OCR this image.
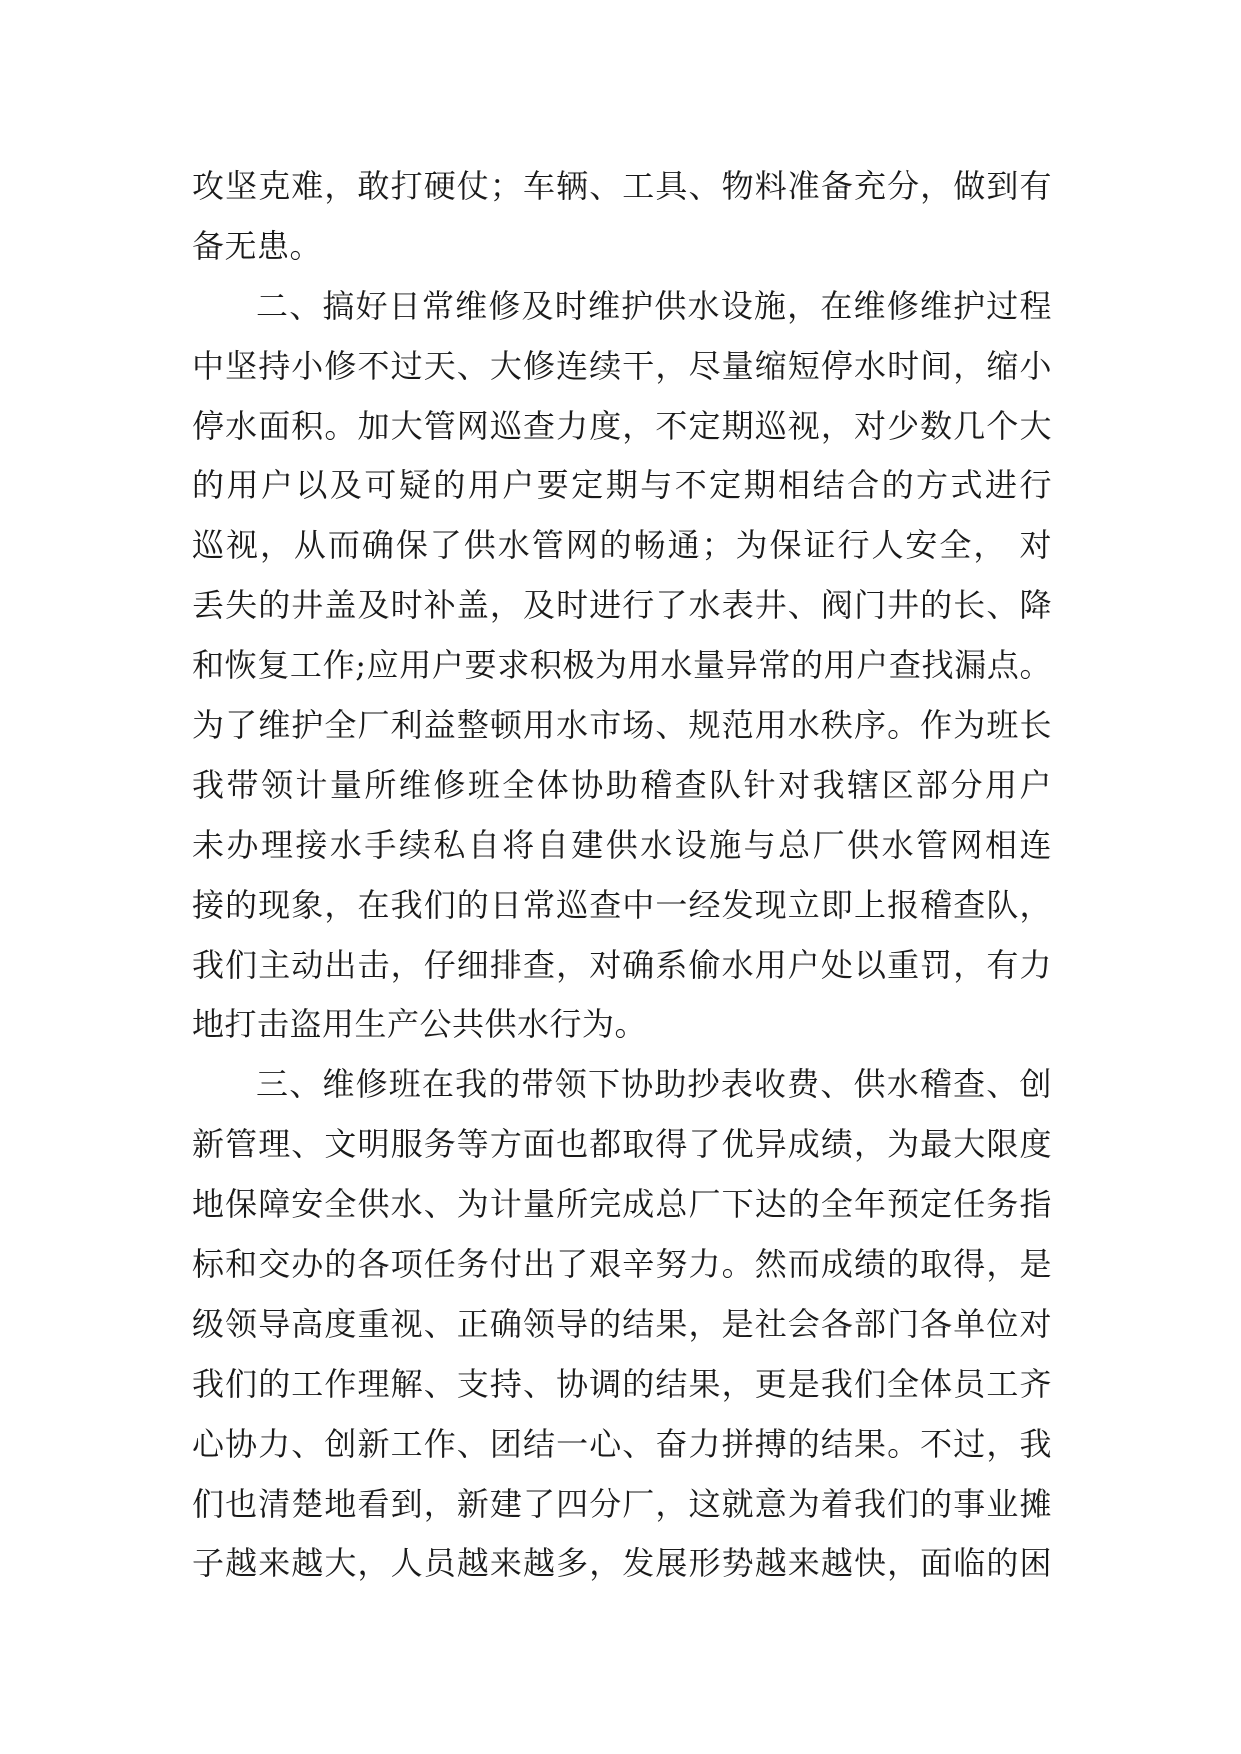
攻坚克难，敢打硬仗；车辆、工具、物料准备充分，做到有
备无患。
二、搞好日常维修及时维护供水设施，在维修维护过程
中坚持小修不过天、大修连续干，尽量缩短停水时间，缩小
停水面积。加大管网巡查力度，不定期巡视，对少数几个大
的用户以及可疑的用户要定期与不定期相结合的方式进行
巡视，从而确保了供水管网的畅通；为保证行人安全， 对
丢失的井盖及时补盖，及时进行了水表井、阀门井的长、降
和恢复工作;应用户要求积极为用水量异常的用户查找漏点。
为了维护全厂利益整顿用水市场、规范用水秩序。作为班长
我带领计量所维修班全体协助稽查队针对我辖区部分用户
未办理接水手续私自将自建供水设施与总厂供水管网相连
接的现象，在我们的日常巡查中一经发现立即上报稽查队，
我们主动出击，仔细排查，对确系偷水用户处以重罚，有力
地打击盗用生产公共供水行为。
三、维修班在我的带领下协助抄表收费、供水稽查、创
新管理、文明服务等方面也都取得了优异成绩，为最大限度
地保障安全供水、为计量所完成总厂下达的全年预定任务指
标和交办的各项任务付出了艰辛努力。然而成绩的取得，是
级领导高度重视、正确领导的结果，是社会各部门各单位对
我们的工作理解、支持、协调的结果，更是我们全体员工齐
心协力、创新工作、团结一心、奋力拼搏的结果。不过，我
们也清楚地看到，新建了四分厂，这就意为着我们的事业摊
子越来越大，人员越来越多，发展形势越来越快，面临的困
